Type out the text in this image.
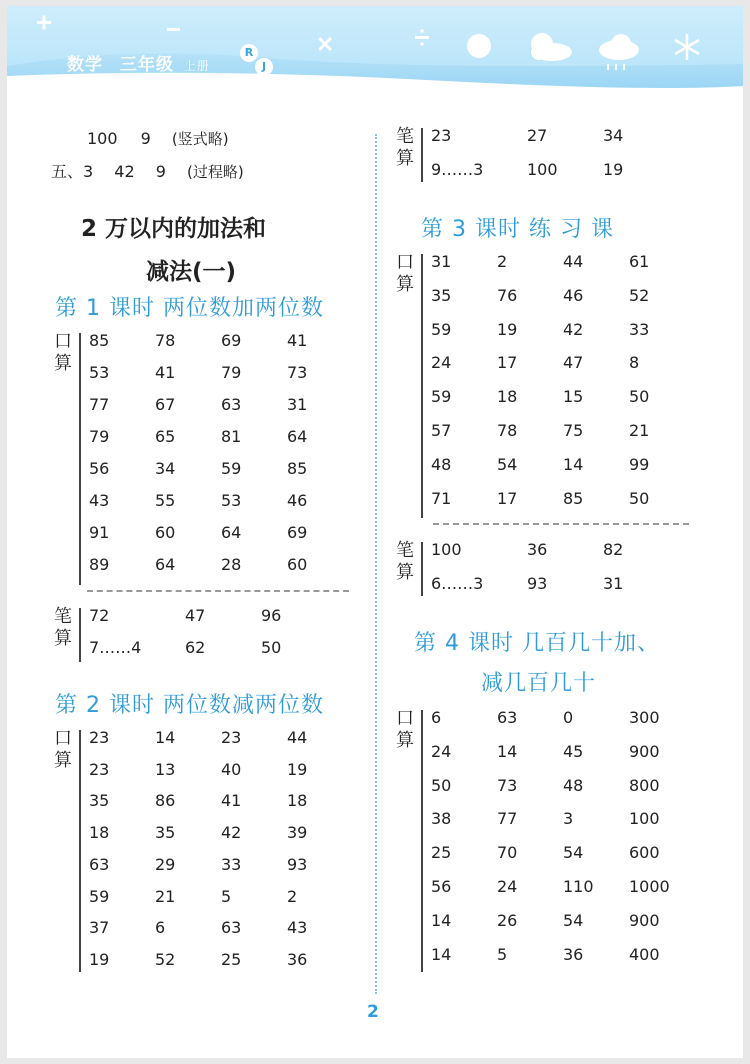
数学 三年级 上册
R
J
100 9 (竖式略)
五、3 42 9 (过程略)
2 万以内的加法和
减法(一)
第 1 课时 两位数加两位数
口
算
85	78	69	41
53	41	79	73
77	67	63	31
79	65	81	64
56	34	59	85
43	55	53	46
91	60	64	69
89	64	28	60
笔
算
72	47	96
7……4	62	50
第 2 课时 两位数减两位数
口
算
23	14	23	44
23	13	40	19
35	86	41	18
18	35	42	39
63	29	33	93
59	21	5	2
37	6	63	43
19	52	25	36
笔
算
23	27	34
9……3	100	19
第 3 课时 练 习 课
口
算
31	2	44	61
35	76	46	52
59	19	42	33
24	17	47	8
59	18	15	50
57	78	75	21
48	54	14	99
71	17	85	50
笔
算
100	36	82
6……3	93	31
第 4 课时 几百几十加、
减几百几十
口
算
6	63	0	300
24	14	45	900
50	73	48	800
38	77	3	100
25	70	54	600
56	24	110 1000
14	26	54	900
14	5	36	400
2
